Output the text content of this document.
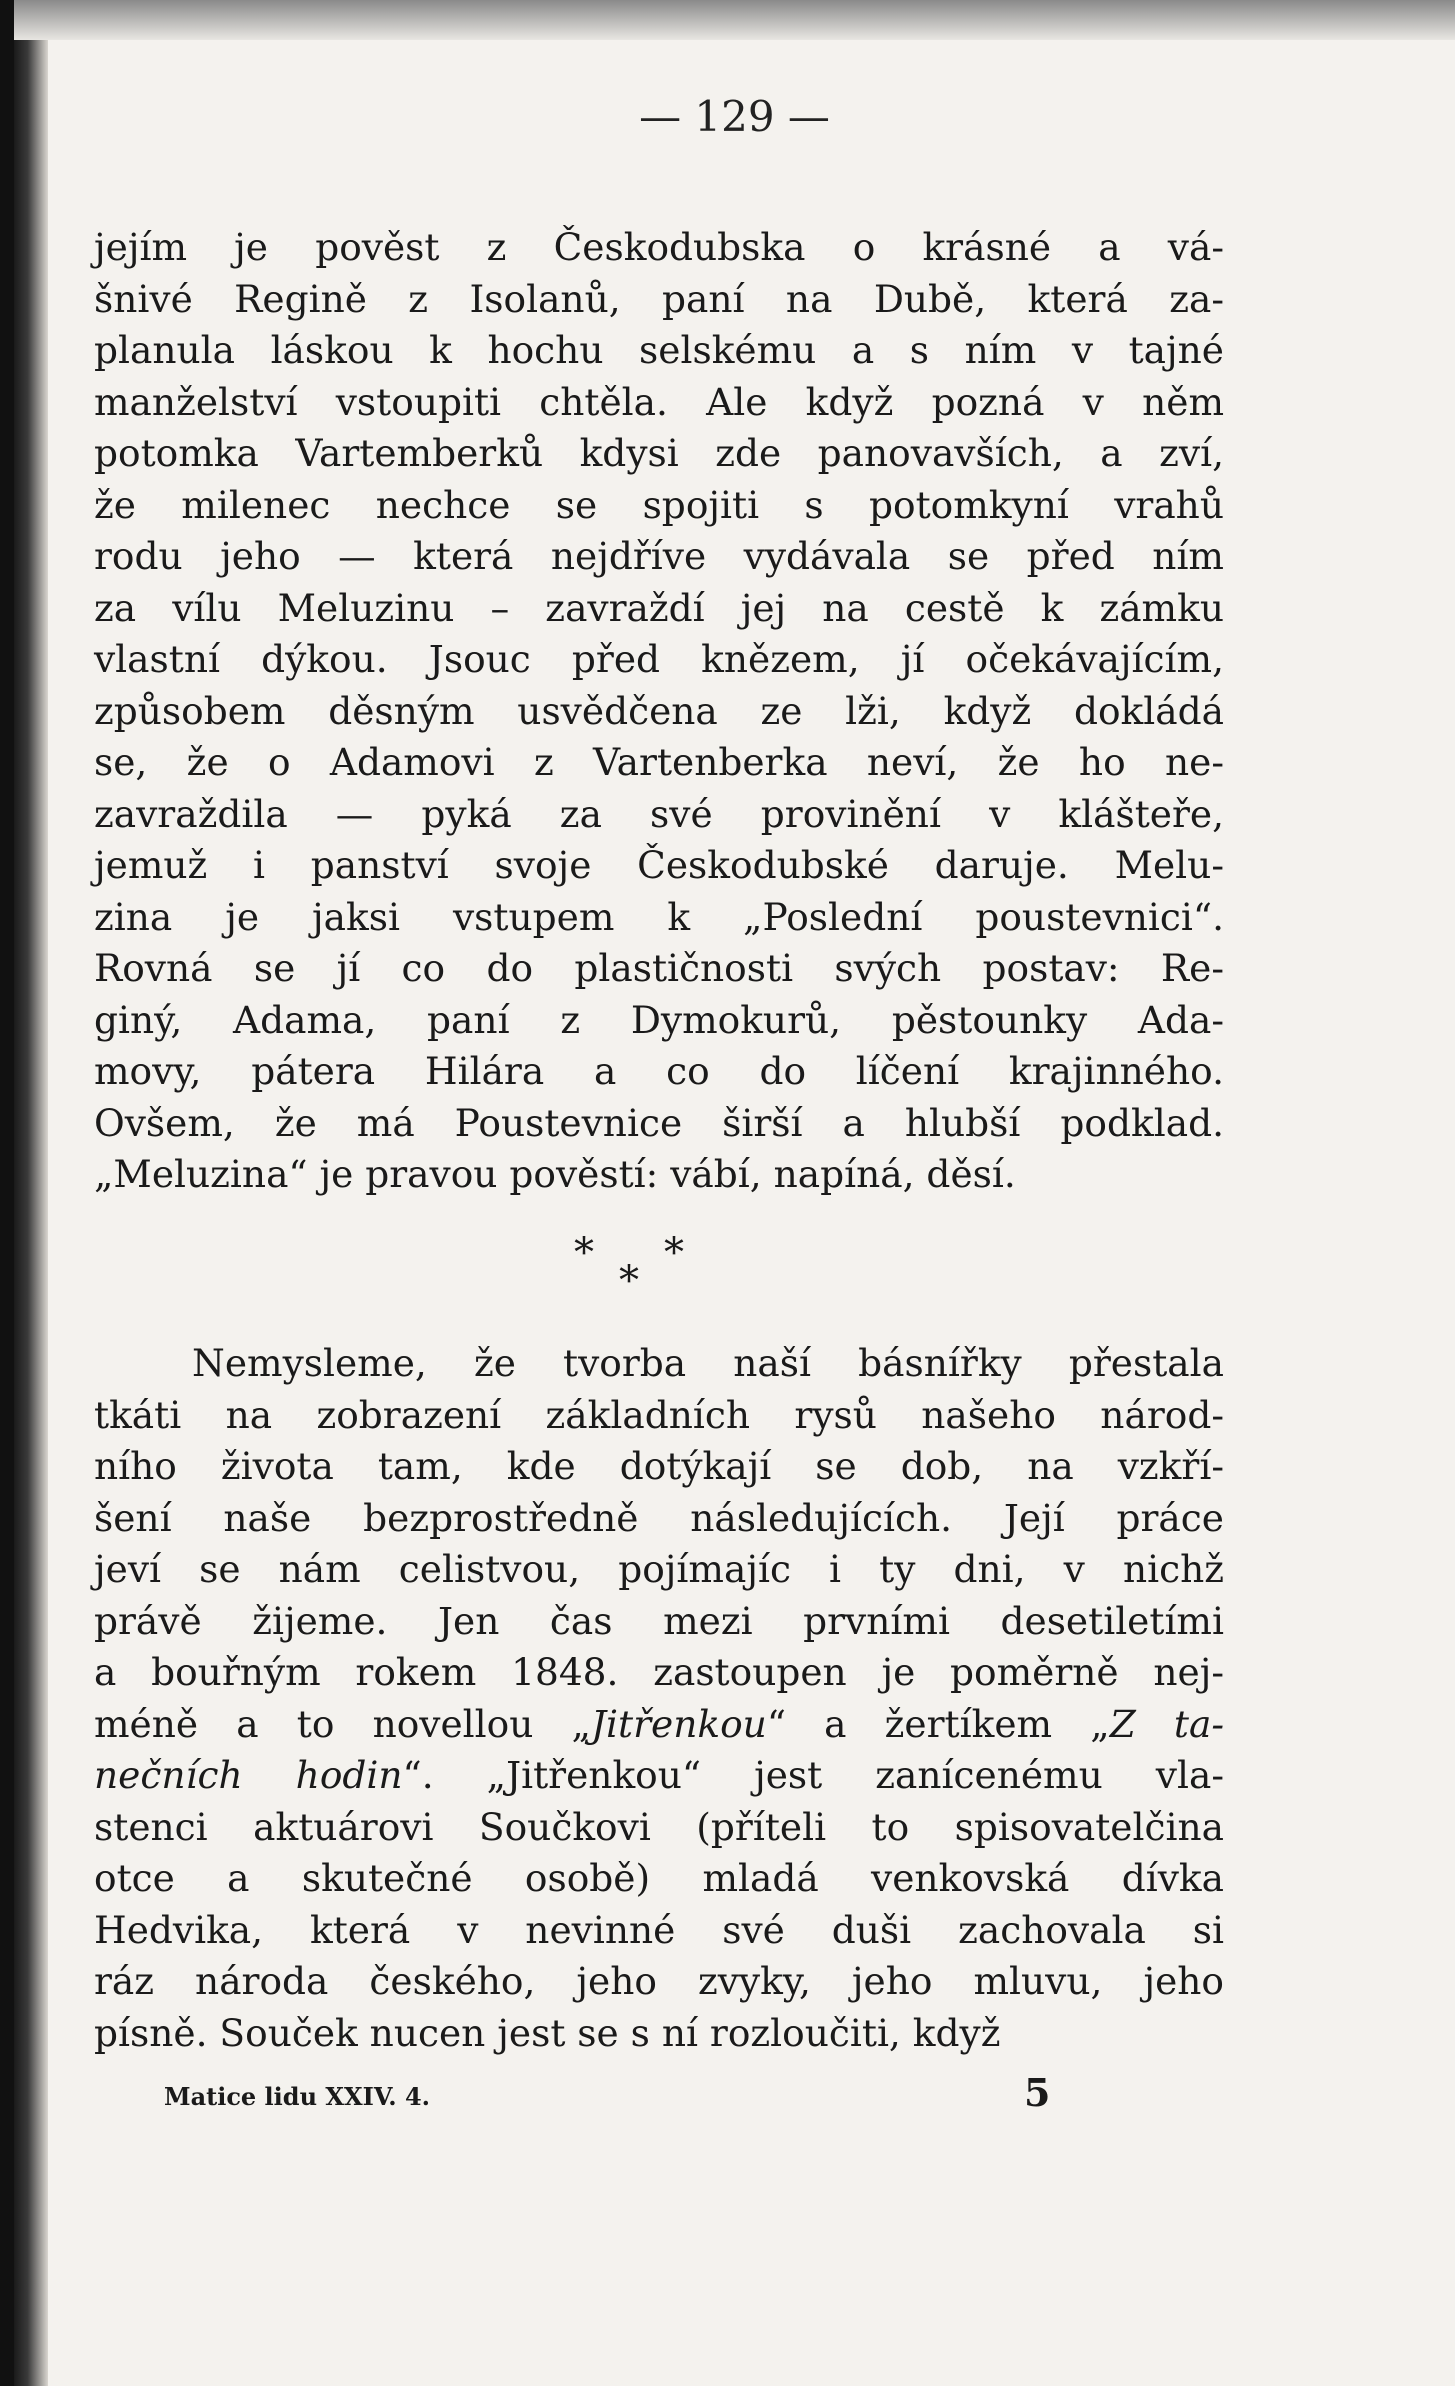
— 129 —
jejím je pověst z Českodubska o krásné a vá-
šnivé Regině z Isolanů, paní na Dubě, která za-
planula láskou k hochu selskému a s ním v tajné
manželství vstoupiti chtěla. Ale když pozná v něm
potomka Vartemberků kdysi zde panovavších, a zví,
že milenec nechce se spojiti s potomkyní vrahů
rodu jeho — která nejdříve vydávala se před ním
za vílu Meluzinu – zavraždí jej na cestě k zámku
vlastní dýkou. Jsouc před knězem, jí očekávajícím,
způsobem děsným usvědčena ze lži, když dokládá
se, že o Adamovi z Vartenberka neví, že ho ne-
zavraždila — pyká za své provinění v klášteře,
jemuž i panství svoje Českodubské daruje. Melu-
zina je jaksi vstupem k „Poslední poustevnici“.
Rovná se jí co do plastičnosti svých postav: Re-
giný, Adama, paní z Dymokurů, pěstounky Ada-
movy, pátera Hilára a co do líčení krajinného.
Ovšem, že má Poustevnice širší a hlubší podklad.
„Meluzina“ je pravou pověstí: vábí, napíná, děsí.
* *
*
Nemysleme, že tvorba naší básnířky přestala
tkáti na zobrazení základních rysů našeho národ-
ního života tam, kde dotýkají se dob, na vzkří-
šení naše bezprostředně následujících. Její práce
jeví se nám celistvou, pojímajíc i ty dni, v nichž
právě žijeme. Jen čas mezi prvními desetiletími
a bouřným rokem 1848. zastoupen je poměrně nej-
méně a to novellou „Jitřenkou“ a žertíkem „Z ta-
nečních hodin“. „Jitřenkou“ jest zanícenému vla-
stenci aktuárovi Součkovi (příteli to spisovatelčina
otce a skutečné osobě) mladá venkovská dívka
Hedvika, která v nevinné své duši zachovala si
ráz národa českého, jeho zvyky, jeho mluvu, jeho
písně. Souček nucen jest se s ní rozloučiti, když
Matice lidu XXIV. 4.	5
